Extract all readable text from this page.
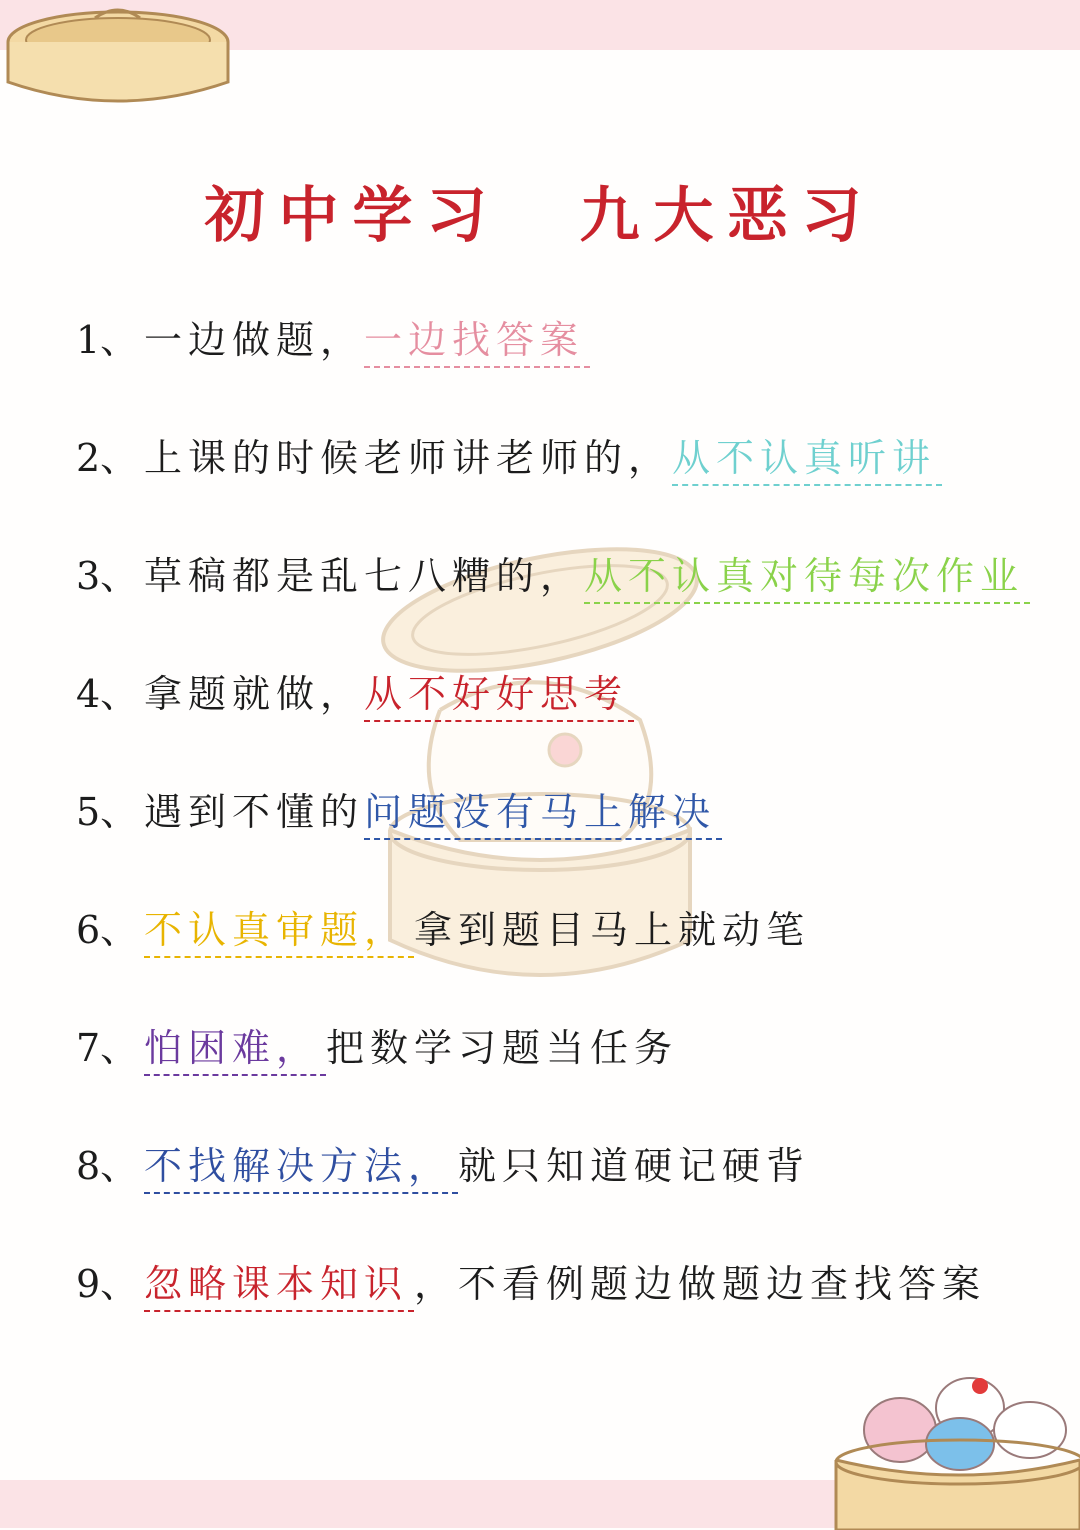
初中学习 九大恶习
1、 一边做题，一边找答案
2、 上课的时候老师讲老师的，从不认真听讲
3、 草稿都是乱七八糟的，从不认真对待每次作业
4、 拿题就做，从不好好思考
5、 遇到不懂的问题没有马上解决
6、 不认真审题， 拿到题目马上就动笔
7、 怕困难， 把数学习题当任务
8、 不找解决方法， 就只知道硬记硬背
9、 忽略课本知识 ，不看例题边做题边查找答案
